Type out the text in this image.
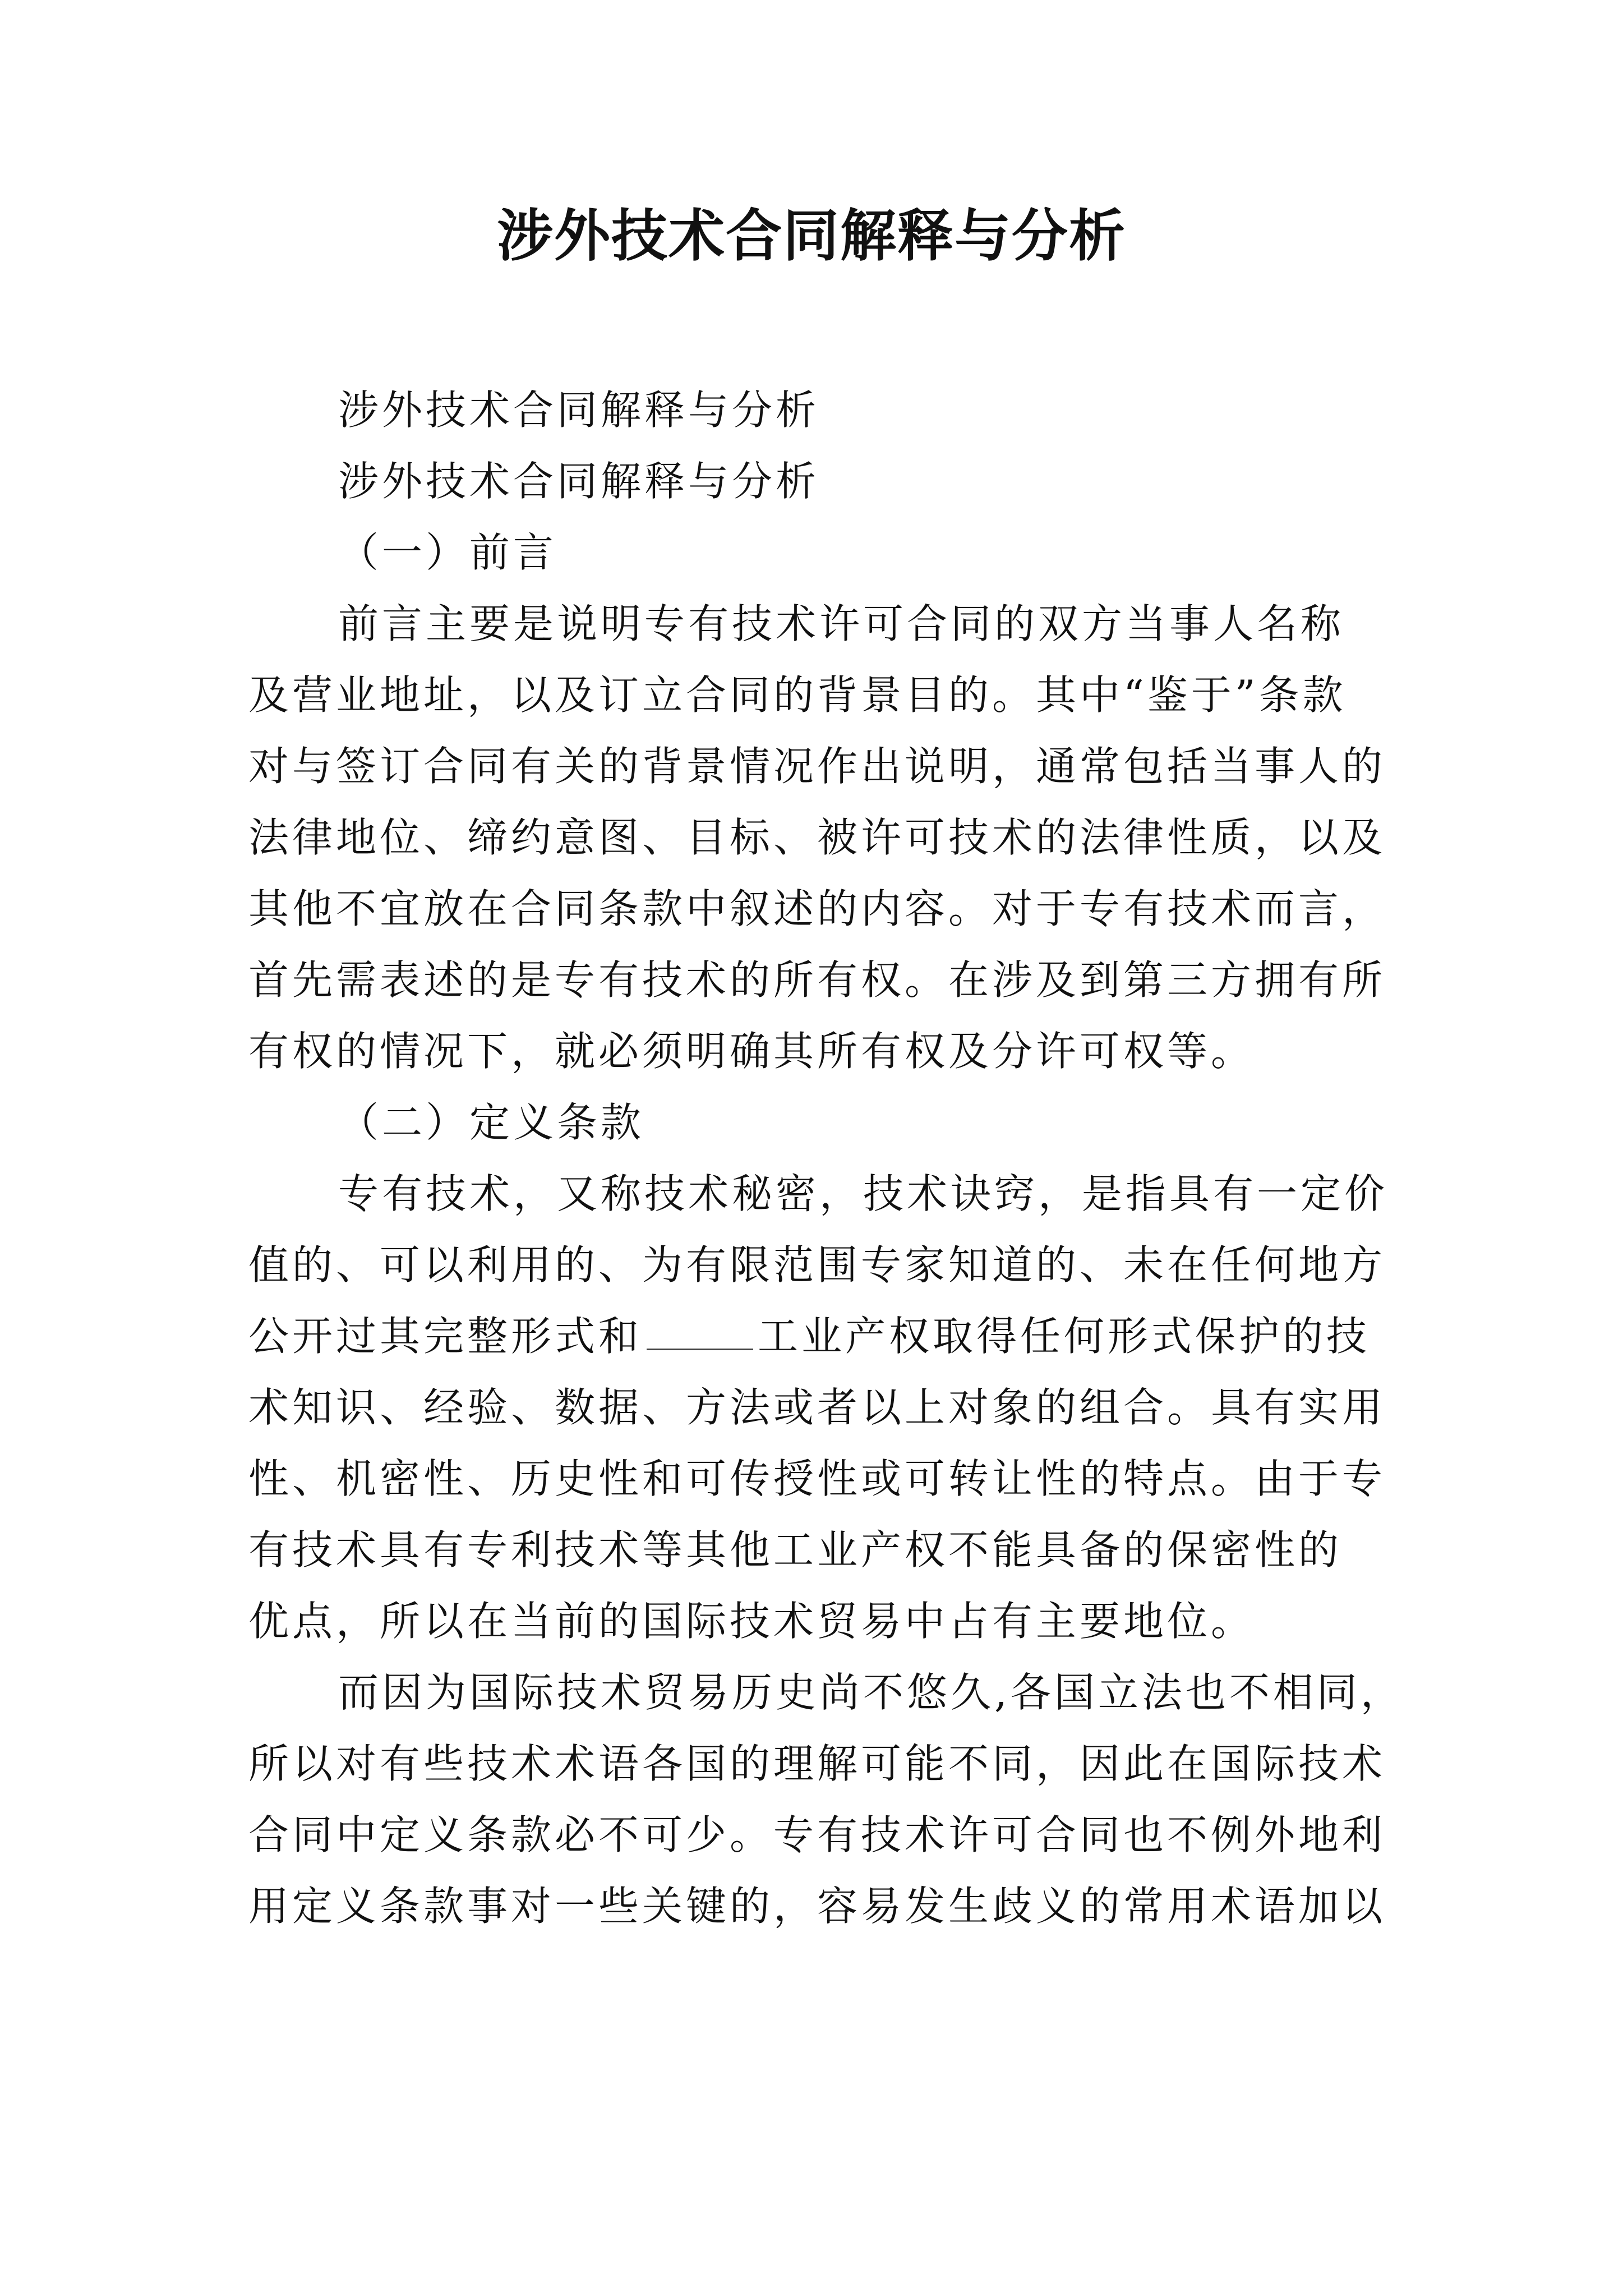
涉外技术合同解释与分析
涉外技术合同解释与分析
涉外技术合同解释与分析
（一）前言
前言主要是说明专有技术许可合同的双方当事人名称
及营业地址，以及订立合同的背景目的。其中“鉴于”条款
对与签订合同有关的背景情况作出说明，通常包括当事人的
法律地位、缔约意图、目标、被许可技术的法律性质，以及
其他不宜放在合同条款中叙述的内容。对于专有技术而言，
首先需表述的是专有技术的所有权。在涉及到第三方拥有所
有权的情况下，就必须明确其所有权及分许可权等。
（二）定义条款
专有技术，又称技术秘密，技术诀窍，是指具有一定价
值的、可以利用的、为有限范围专家知道的、未在任何地方
公开过其完整形式和	工业产权取得任何形式保护的技
术知识、经验、数据、方法或者以上对象的组合。具有实用
性、机密性、历史性和可传授性或可转让性的特点。由于专
有技术具有专利技术等其他工业产权不能具备的保密性的
优点，所以在当前的国际技术贸易中占有主要地位。
而因为国际技术贸易历史尚不悠久,各国立法也不相同，
所以对有些技术术语各国的理解可能不同，因此在国际技术
合同中定义条款必不可少。专有技术许可合同也不例外地利
用定义条款事对一些关键的，容易发生歧义的常用术语加以
